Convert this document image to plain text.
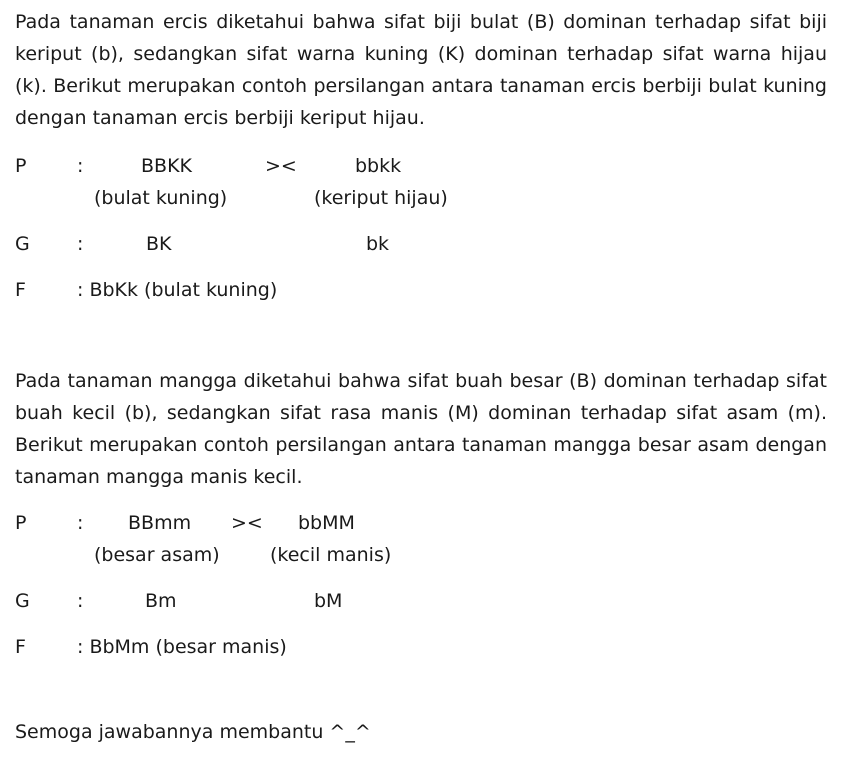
Pada tanaman ercis diketahui bahwa sifat biji bulat (B) dominan terhadap sifat biji keriput (b), sedangkan sifat warna kuning (K) dominan terhadap sifat warna hijau (k). Berikut merupakan contoh persilangan antara tanaman ercis berbiji bulat kuning dengan tanaman ercis berbiji keriput hijau.

P	:	BBKK	><	bbkk
(bulat kuning)	(keriput hijau)
G :	BK	bk
F	: BbKk (bulat kuning)

Pada tanaman mangga diketahui bahwa sifat buah besar (B) dominan terhadap sifat buah kecil (b), sedangkan sifat rasa manis (M) dominan terhadap sifat asam (m). Berikut merupakan contoh persilangan antara tanaman mangga besar asam dengan tanaman mangga manis kecil.

P	: BBmm >< bbMM
(besar asam)	(kecil manis)
G :	Bm	bM
F	: BbMm (besar manis)
Semoga jawabannya membantu ^_^
